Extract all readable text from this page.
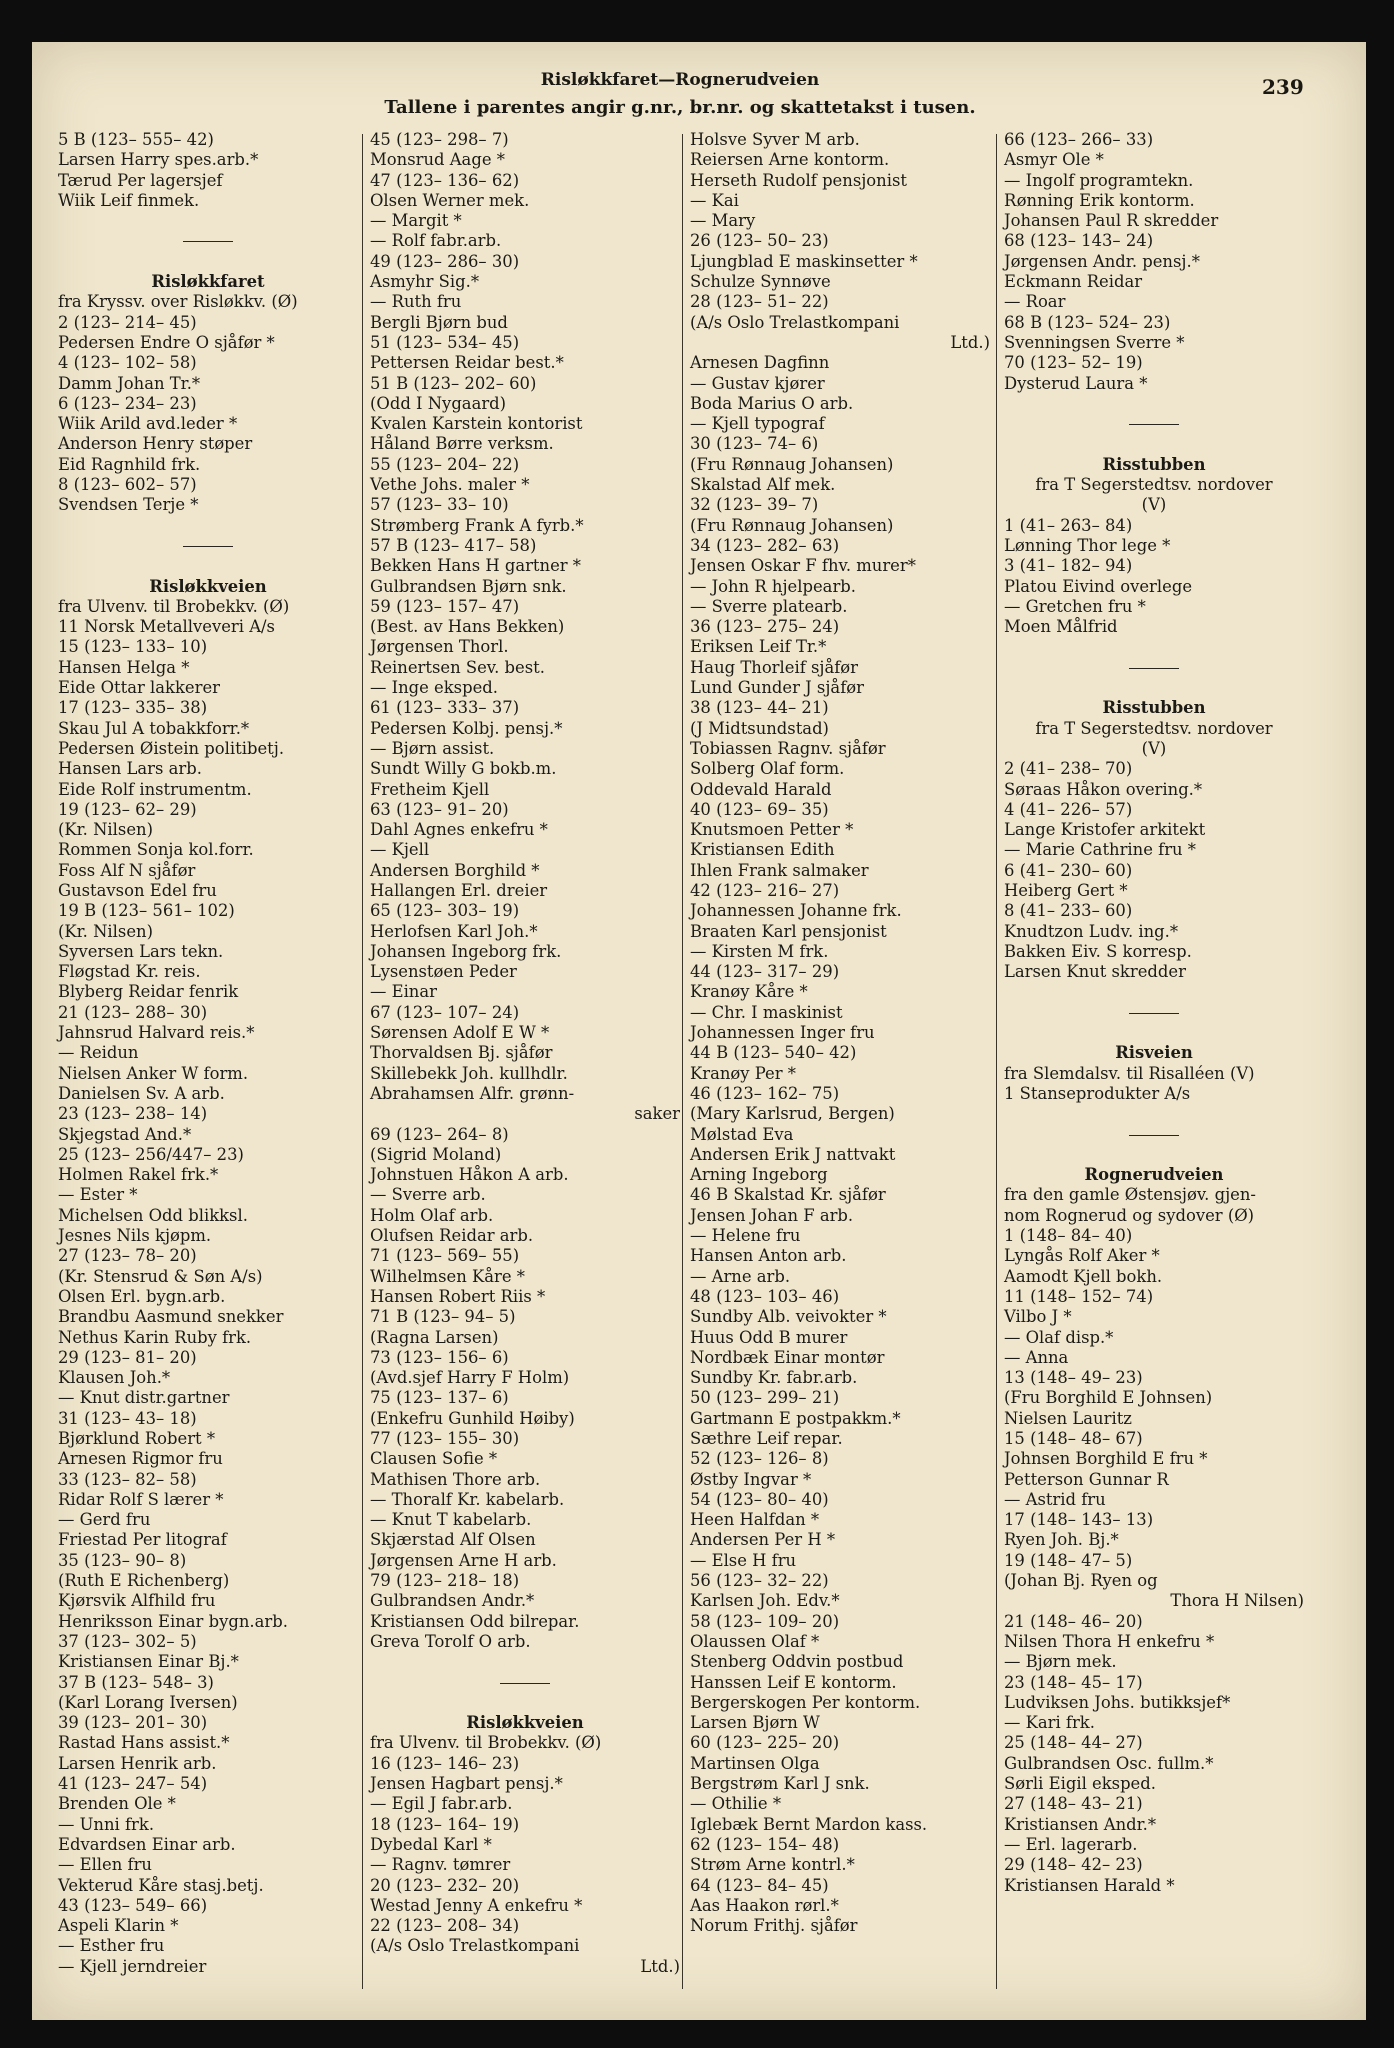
Risløkkfaret—Rognerudveien
Tallene i parentes angir g.nr., br.nr. og skattetakst i tusen.
239
5 B (123– 555– 42)
Larsen Harry spes.arb.*
Tærud Per lagersjef
Wiik Leif finmek.
Risløkkfaret
fra Kryssv. over Risløkkv. (Ø)
2 (123– 214– 45)
Pedersen Endre O sjåfør *
4 (123– 102– 58)
Damm Johan Tr.*
6 (123– 234– 23)
Wiik Arild avd.leder *
Anderson Henry støper
Eid Ragnhild frk.
8 (123– 602– 57)
Svendsen Terje *
Risløkkveien
fra Ulvenv. til Brobekkv. (Ø)
11 Norsk Metallveveri A/s
15 (123– 133– 10)
Hansen Helga *
Eide Ottar lakkerer
17 (123– 335– 38)
Skau Jul A tobakkforr.*
Pedersen Øistein politibetj.
Hansen Lars arb.
Eide Rolf instrumentm.
19 (123– 62– 29)
(Kr. Nilsen)
Rommen Sonja kol.forr.
Foss Alf N sjåfør
Gustavson Edel fru
19 B (123– 561– 102)
(Kr. Nilsen)
Syversen Lars tekn.
Fløgstad Kr. reis.
Blyberg Reidar fenrik
21 (123– 288– 30)
Jahnsrud Halvard reis.*
— Reidun
Nielsen Anker W form.
Danielsen Sv. A arb.
23 (123– 238– 14)
Skjegstad And.*
25 (123– 256/447– 23)
Holmen Rakel frk.*
— Ester *
Michelsen Odd blikksl.
Jesnes Nils kjøpm.
27 (123– 78– 20)
(Kr. Stensrud & Søn A/s)
Olsen Erl. bygn.arb.
Brandbu Aasmund snekker
Nethus Karin Ruby frk.
29 (123– 81– 20)
Klausen Joh.*
— Knut distr.gartner
31 (123– 43– 18)
Bjørklund Robert *
Arnesen Rigmor fru
33 (123– 82– 58)
Ridar Rolf S lærer *
— Gerd fru
Friestad Per litograf
35 (123– 90– 8)
(Ruth E Richenberg)
Kjørsvik Alfhild fru
Henriksson Einar bygn.arb.
37 (123– 302– 5)
Kristiansen Einar Bj.*
37 B (123– 548– 3)
(Karl Lorang Iversen)
39 (123– 201– 30)
Rastad Hans assist.*
Larsen Henrik arb.
41 (123– 247– 54)
Brenden Ole *
— Unni frk.
Edvardsen Einar arb.
— Ellen fru
Vekterud Kåre stasj.betj.
43 (123– 549– 66)
Aspeli Klarin *
— Esther fru
— Kjell jerndreier
45 (123– 298– 7)
Monsrud Aage *
47 (123– 136– 62)
Olsen Werner mek.
— Margit *
— Rolf fabr.arb.
49 (123– 286– 30)
Asmyhr Sig.*
— Ruth fru
Bergli Bjørn bud
51 (123– 534– 45)
Pettersen Reidar best.*
51 B (123– 202– 60)
(Odd I Nygaard)
Kvalen Karstein kontorist
Håland Børre verksm.
55 (123– 204– 22)
Vethe Johs. maler *
57 (123– 33– 10)
Strømberg Frank A fyrb.*
57 B (123– 417– 58)
Bekken Hans H gartner *
Gulbrandsen Bjørn snk.
59 (123– 157– 47)
(Best. av Hans Bekken)
Jørgensen Thorl.
Reinertsen Sev. best.
— Inge eksped.
61 (123– 333– 37)
Pedersen Kolbj. pensj.*
— Bjørn assist.
Sundt Willy G bokb.m.
Fretheim Kjell
63 (123– 91– 20)
Dahl Agnes enkefru *
— Kjell
Andersen Borghild *
Hallangen Erl. dreier
65 (123– 303– 19)
Herlofsen Karl Joh.*
Johansen Ingeborg frk.
Lysenstøen Peder
— Einar
67 (123– 107– 24)
Sørensen Adolf E W *
Thorvaldsen Bj. sjåfør
Skillebekk Joh. kullhdlr.
Abrahamsen Alfr. grønn-
saker
69 (123– 264– 8)
(Sigrid Moland)
Johnstuen Håkon A arb.
— Sverre arb.
Holm Olaf arb.
Olufsen Reidar arb.
71 (123– 569– 55)
Wilhelmsen Kåre *
Hansen Robert Riis *
71 B (123– 94– 5)
(Ragna Larsen)
73 (123– 156– 6)
(Avd.sjef Harry F Holm)
75 (123– 137– 6)
(Enkefru Gunhild Høiby)
77 (123– 155– 30)
Clausen Sofie *
Mathisen Thore arb.
— Thoralf Kr. kabelarb.
— Knut T kabelarb.
Skjærstad Alf Olsen
Jørgensen Arne H arb.
79 (123– 218– 18)
Gulbrandsen Andr.*
Kristiansen Odd bilrepar.
Greva Torolf O arb.
Risløkkveien
fra Ulvenv. til Brobekkv. (Ø)
16 (123– 146– 23)
Jensen Hagbart pensj.*
— Egil J fabr.arb.
18 (123– 164– 19)
Dybedal Karl *
— Ragnv. tømrer
20 (123– 232– 20)
Westad Jenny A enkefru *
22 (123– 208– 34)
(A/s Oslo Trelastkompani
Ltd.)
Holsve Syver M arb.
Reiersen Arne kontorm.
Herseth Rudolf pensjonist
— Kai
— Mary
26 (123– 50– 23)
Ljungblad E maskinsetter *
Schulze Synnøve
28 (123– 51– 22)
(A/s Oslo Trelastkompani
Ltd.)
Arnesen Dagfinn
— Gustav kjører
Boda Marius O arb.
— Kjell typograf
30 (123– 74– 6)
(Fru Rønnaug Johansen)
Skalstad Alf mek.
32 (123– 39– 7)
(Fru Rønnaug Johansen)
34 (123– 282– 63)
Jensen Oskar F fhv. murer*
— John R hjelpearb.
— Sverre platearb.
36 (123– 275– 24)
Eriksen Leif Tr.*
Haug Thorleif sjåfør
Lund Gunder J sjåfør
38 (123– 44– 21)
(J Midtsundstad)
Tobiassen Ragnv. sjåfør
Solberg Olaf form.
Oddevald Harald
40 (123– 69– 35)
Knutsmoen Petter *
Kristiansen Edith
Ihlen Frank salmaker
42 (123– 216– 27)
Johannessen Johanne frk.
Braaten Karl pensjonist
— Kirsten M frk.
44 (123– 317– 29)
Kranøy Kåre *
— Chr. I maskinist
Johannessen Inger fru
44 B (123– 540– 42)
Kranøy Per *
46 (123– 162– 75)
(Mary Karlsrud, Bergen)
Mølstad Eva
Andersen Erik J nattvakt
Arning Ingeborg
46 B Skalstad Kr. sjåfør
Jensen Johan F arb.
— Helene fru
Hansen Anton arb.
— Arne arb.
48 (123– 103– 46)
Sundby Alb. veivokter *
Huus Odd B murer
Nordbæk Einar montør
Sundby Kr. fabr.arb.
50 (123– 299– 21)
Gartmann E postpakkm.*
Sæthre Leif repar.
52 (123– 126– 8)
Østby Ingvar *
54 (123– 80– 40)
Heen Halfdan *
Andersen Per H *
— Else H fru
56 (123– 32– 22)
Karlsen Joh. Edv.*
58 (123– 109– 20)
Olaussen Olaf *
Stenberg Oddvin postbud
Hanssen Leif E kontorm.
Bergerskogen Per kontorm.
Larsen Bjørn W
60 (123– 225– 20)
Martinsen Olga
Bergstrøm Karl J snk.
— Othilie *
Iglebæk Bernt Mardon kass.
62 (123– 154– 48)
Strøm Arne kontrl.*
64 (123– 84– 45)
Aas Haakon rørl.*
Norum Frithj. sjåfør
66 (123– 266– 33)
Asmyr Ole *
— Ingolf programtekn.
Rønning Erik kontorm.
Johansen Paul R skredder
68 (123– 143– 24)
Jørgensen Andr. pensj.*
Eckmann Reidar
— Roar
68 B (123– 524– 23)
Svenningsen Sverre *
70 (123– 52– 19)
Dysterud Laura *
Risstubben
fra T Segerstedtsv. nordover
(V)
1 (41– 263– 84)
Lønning Thor lege *
3 (41– 182– 94)
Platou Eivind overlege
— Gretchen fru *
Moen Målfrid
Risstubben
fra T Segerstedtsv. nordover
(V)
2 (41– 238– 70)
Søraas Håkon overing.*
4 (41– 226– 57)
Lange Kristofer arkitekt
— Marie Cathrine fru *
6 (41– 230– 60)
Heiberg Gert *
8 (41– 233– 60)
Knudtzon Ludv. ing.*
Bakken Eiv. S korresp.
Larsen Knut skredder
Risveien
fra Slemdalsv. til Risalléen (V)
1 Stanseprodukter A/s
Rognerudveien
fra den gamle Østensjøv. gjen-
nom Rognerud og sydover (Ø)
1 (148– 84– 40)
Lyngås Rolf Aker *
Aamodt Kjell bokh.
11 (148– 152– 74)
Vilbo J *
— Olaf disp.*
— Anna
13 (148– 49– 23)
(Fru Borghild E Johnsen)
Nielsen Lauritz
15 (148– 48– 67)
Johnsen Borghild E fru *
Petterson Gunnar R
— Astrid fru
17 (148– 143– 13)
Ryen Joh. Bj.*
19 (148– 47– 5)
(Johan Bj. Ryen og
Thora H Nilsen)
21 (148– 46– 20)
Nilsen Thora H enkefru *
— Bjørn mek.
23 (148– 45– 17)
Ludviksen Johs. butikksjef*
— Kari frk.
25 (148– 44– 27)
Gulbrandsen Osc. fullm.*
Sørli Eigil eksped.
27 (148– 43– 21)
Kristiansen Andr.*
— Erl. lagerarb.
29 (148– 42– 23)
Kristiansen Harald *
